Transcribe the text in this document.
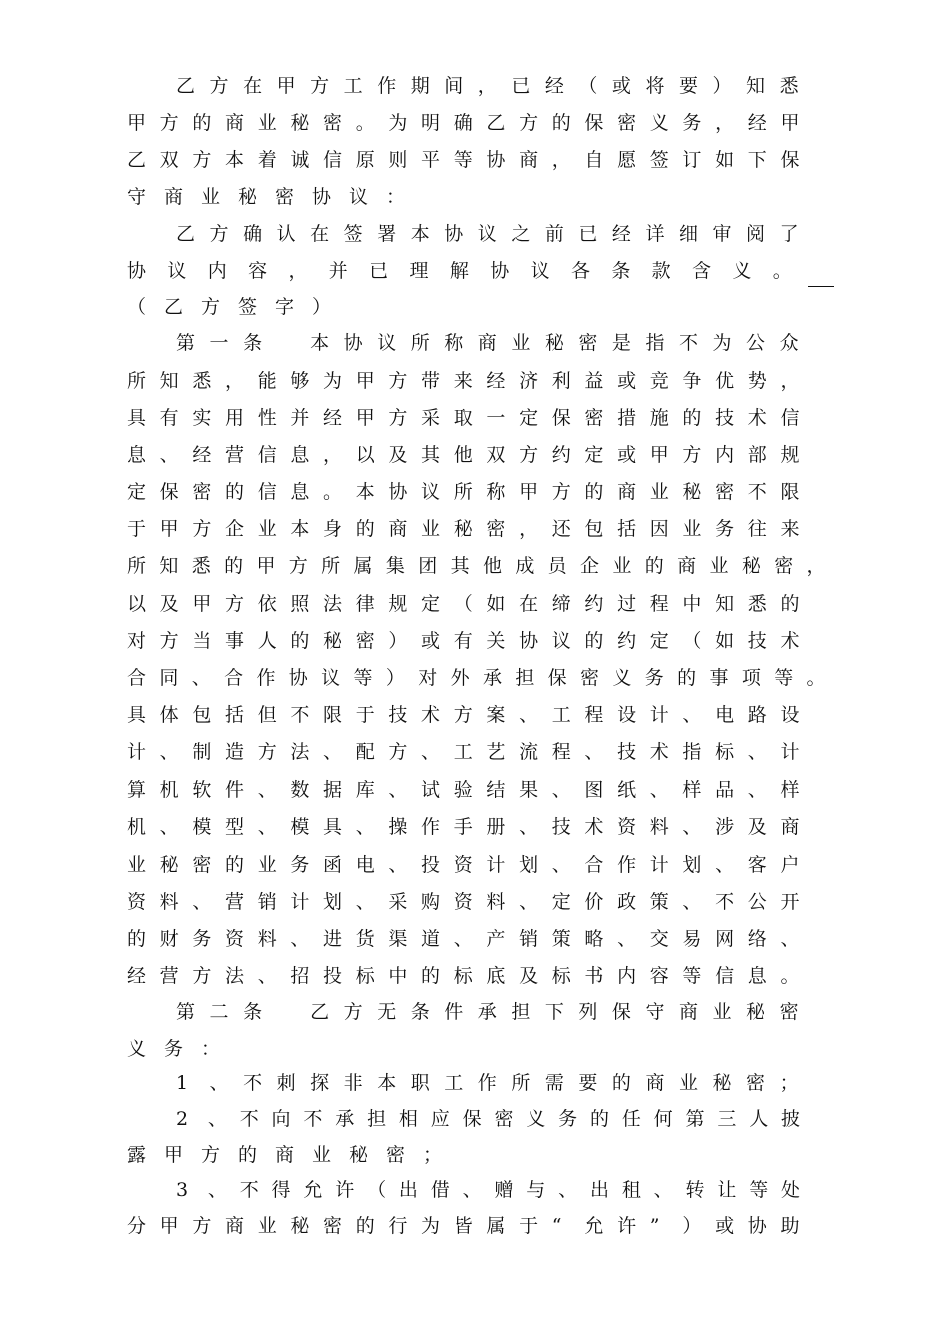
乙 方 在 甲 方 工 作 期 间 ， 已 经 （ 或 将 要 ） 知 悉
甲 方 的 商 业 秘 密 。 为 明 确 乙 方 的 保 密 义 务 ， 经 甲
乙 双 方 本 着 诚 信 原 则 平 等 协 商 ， 自 愿 签 订 如 下 保
守 商 业 秘 密 协 议 ：
乙 方 确 认 在 签 署 本 协 议 之 前 已 经 详 细 审 阅 了
协	议	内	容	，	并	已	理	解	协	议	各	条	款	含	义	。
（ 乙 方 签 字 ）
第 一 条
　	本 协 议 所 称 商 业 秘 密 是 指 不 为 公 众
所 知 悉 ， 能 够 为 甲 方 带 来 经 济 利 益 或 竞 争 优 势 ，
具 有 实 用 性 并 经 甲 方 采 取 一 定 保 密 措 施 的 技 术 信
息 、 经 营 信 息 ， 以 及 其 他 双 方 约 定 或 甲 方 内 部 规
定 保 密 的 信 息 。 本 协 议 所 称 甲 方 的 商 业 秘 密 不 限
于 甲 方 企 业 本 身 的 商 业 秘 密 ， 还 包 括 因 业 务 往 来
所 知 悉 的 甲 方 所 属 集 团 其 他 成 员 企 业 的 商 业 秘 密 ，
以 及 甲 方 依 照 法 律 规 定 （ 如 在 缔 约 过 程 中 知 悉 的
对 方 当 事 人 的 秘 密 ） 或 有 关 协 议 的 约 定 （ 如 技 术
合 同 、 合 作 协 议 等 ） 对 外 承 担 保 密 义 务 的 事 项 等 。
具 体 包 括 但 不 限 于 技 术 方 案 、 工 程 设 计 、 电 路 设
计 、 制 造 方 法 、 配 方 、 工 艺 流 程 、 技 术 指 标 、 计
算 机 软 件 、 数 据 库 、 试 验 结 果 、 图 纸 、 样 品 、 样
机 、 模 型 、 模 具 、 操 作 手 册 、 技 术 资 料 、 涉 及 商
业 秘 密 的 业 务 函 电 、 投 资 计 划 、 合 作 计 划 、 客 户
资 料 、 营 销 计 划 、 采 购 资 料 、 定 价 政 策 、 不 公 开
的 财 务 资 料 、 进 货 渠 道 、 产 销 策 略 、 交 易 网 络 、
经 营 方 法 、 招 投 标 中 的 标 底 及 标 书 内 容 等 信 息 。
第 二 条
　	乙 方 无 条 件 承 担 下 列 保 守 商 业 秘 密
义 务 ：
1	、 不 刺 探 非 本 职 工 作 所 需 要 的 商 业 秘 密 ；
2	、 不 向 不 承 担 相 应 保 密 义 务 的 任 何 第 三 人 披
露 甲 方 的 商 业 秘 密 ；
3	、 不 得 允 许 （ 出 借 、 赠 与 、 出 租 、 转 让 等 处
分 甲 方 商 业 秘 密 的 行 为 皆 属 于 “	允 许 ”	） 或 协 助
